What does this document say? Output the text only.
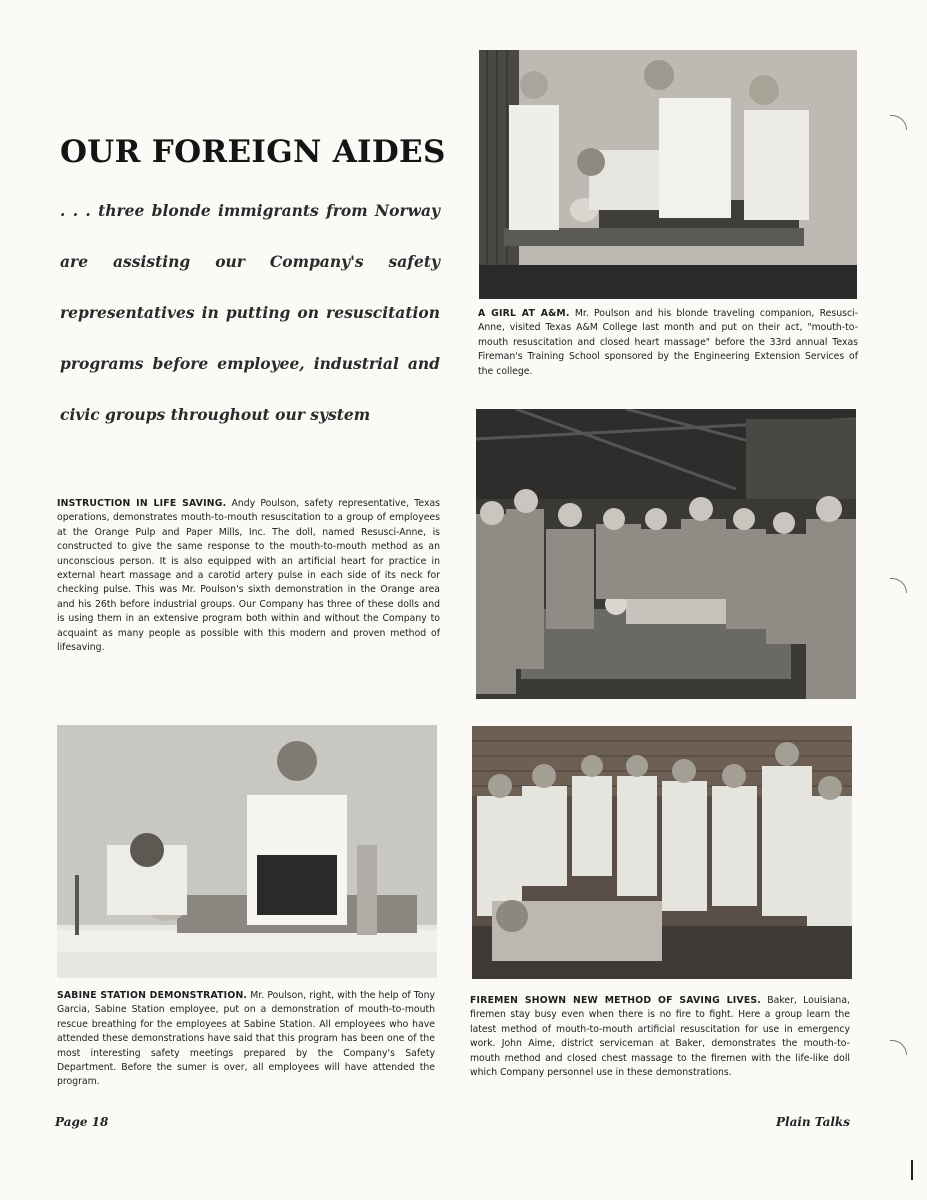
OUR FOREIGN AIDES

. . . three blonde immigrants from Norway are assisting our Company's safety representatives in putting on resuscitation programs before employee, industrial and civic groups throughout our system

A GIRL AT A&M. Mr. Poulson and his blonde traveling companion, Resusci-Anne, visited Texas A&M College last month and put on their act, "mouth-to-mouth resuscitation and closed heart massage" before the 33rd annual Texas Fireman's Training School sponsored by the Engineering Extension Services of the college.

INSTRUCTION IN LIFE SAVING. Andy Poulson, safety representative, Texas operations, demonstrates mouth-to-mouth resuscitation to a group of employees at the Orange Pulp and Paper Mills, Inc. The doll, named Resusci-Anne, is constructed to give the same response to the mouth-to-mouth method as an unconscious person. It is also equipped with an artificial heart for practice in external heart massage and a carotid artery pulse in each side of its neck for checking pulse. This was Mr. Poulson's sixth demonstration in the Orange area and his 26th before industrial groups. Our Company has three of these dolls and is using them in an extensive program both within and without the Company to acquaint as many people as possible with this modern and proven method of lifesaving.

SABINE STATION DEMONSTRATION. Mr. Poulson, right, with the help of Tony Garcia, Sabine Station employee, put on a demonstration of mouth-to-mouth rescue breathing for the employees at Sabine Station. All employees who have attended these demonstrations have said that this program has been one of the most interesting safety meetings prepared by the Company's Safety Department. Before the sumer is over, all employees will have attended the program.

FIREMEN SHOWN NEW METHOD OF SAVING LIVES. Baker, Louisiana, firemen stay busy even when there is no fire to fight. Here a group learn the latest method of mouth-to-mouth artificial resuscitation for use in emergency work. John Aime, district serviceman at Baker, demonstrates the mouth-to-mouth method and closed chest massage to the firemen with the life-like doll which Company personnel use in these demonstrations.

Page 18	Plain Talks
